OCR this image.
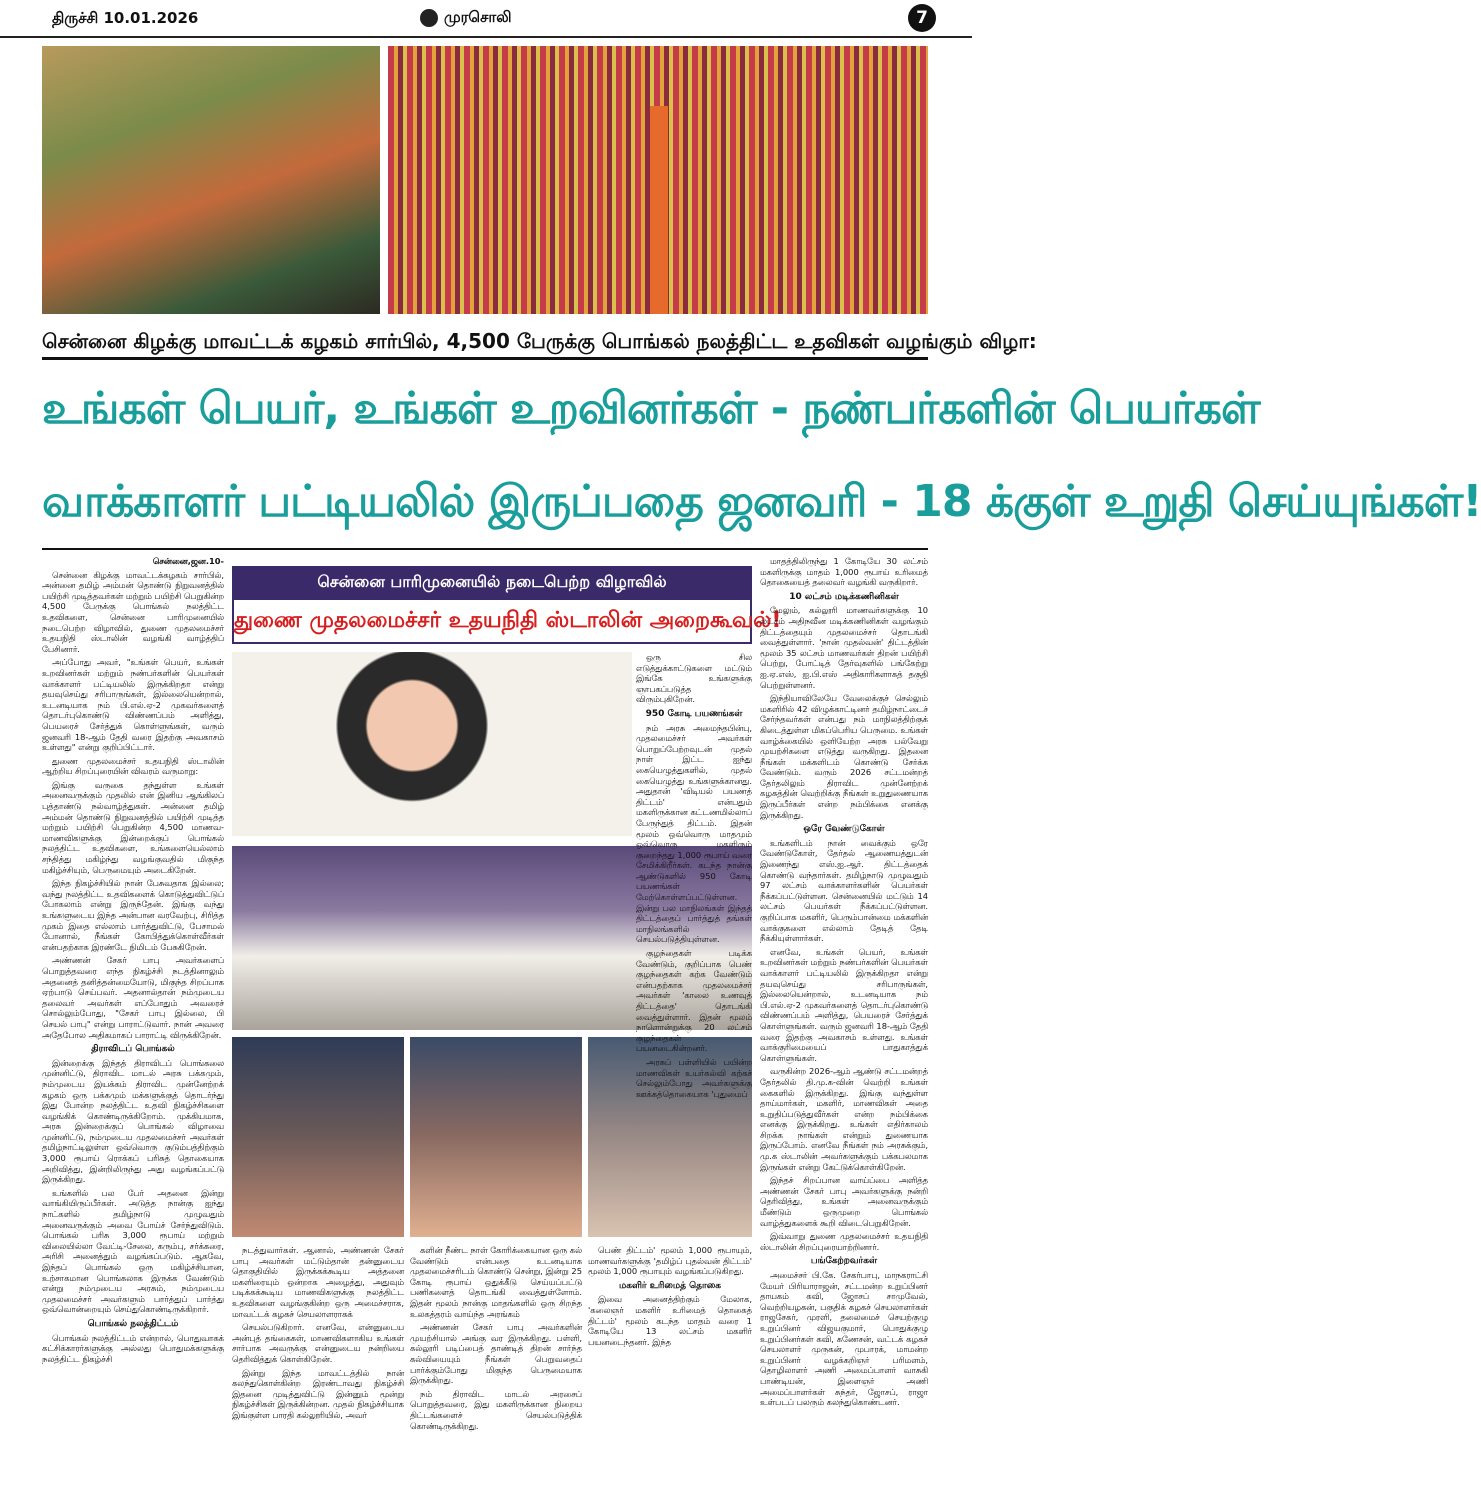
திருச்சி 10.01.2026	முரசொலி	7
சென்னை கிழக்கு மாவட்டக் கழகம் சார்பில், 4,500 பேருக்கு பொங்கல் நலத்திட்ட உதவிகள் வழங்கும் விழா:
உங்கள் பெயர், உங்கள் உறவினர்கள் - நண்பர்களின் பெயர்கள்
வாக்காளர் பட்டியலில் இருப்பதை ஜனவரி - 18 க்குள் உறுதி செய்யுங்கள்!
சென்னை பாரிமுனையில் நடைபெற்ற விழாவில்
துணை முதலமைச்சர் உதயநிதி ஸ்டாலின் அறைகூவல்!

சென்னை,ஜன.10-

சென்னை கிழக்கு மாவட்டக்கழகம் சார்பில், அன்னை தமிழ் அம்மன் தொண்டு நிறுவனத்தில் பயிற்சி முடித்தவர்கள் மற்றும் பயிற்சி பெறுகின்ற 4,500 பேருக்கு பொங்கல் நலத்திட்ட உதவிகளை, சென்னை பாரிமுனையில் நடைபெற்ற விழாவில், துணை முதலமைச்சர் உதயநிதி ஸ்டாலின் வழங்கி வாழ்த்திப் பேசினார்.

அப்போது அவர், "உங்கள் பெயர், உங்கள் உறவினர்கள் மற்றும் நண்பர்களின் பெயர்கள் வாக்காளர் பட்டியலில் இருக்கிறதா என்று தயவுசெய்து சரிபாருங்கள், இல்லையென்றால், உடனடியாக நம் பி.எல்.ஏ-2 முகவர்களைத் தொடர்புகொண்டு விண்ணப்பம் அளித்து, பெயரைச் சேர்த்துக் கொள்ளுங்கள், வரும் ஜனவரி 18-ஆம் தேதி வரை இதற்கு அவகாசம் உள்ளது" என்று குறிப்பிட்டார்.

துணை முதலமைச்சர் உதயநிதி ஸ்டாலின் ஆற்றிய சிறப்புரையின் விவரம் வருமாறு:

இங்கு வருகை தந்துள்ள உங்கள் அனைவருக்கும் முதலில் என் இனிய ஆங்கிலப் புத்தாண்டு நல்வாழ்த்துகள். அன்னை தமிழ் அம்மன் தொண்டு நிறுவனத்தில் பயிற்சி முடித்த மற்றும் பயிற்சி பெறுகின்ற 4,500 மாணவ-மாணவிகளுக்கு இன்றைக்குப் பொங்கல் நலத்திட்ட உதவிகளை, உங்களையெல்லாம் சந்தித்து மகிழ்ந்து வழங்குவதில் மிகுந்த மகிழ்ச்சியும், பெருமையும் அடைகிறேன்.

இந்த நிகழ்ச்சியில் நான் பேசுவதாக இல்லை; வந்து நலத்திட்ட உதவிகளைக் கொடுத்துவிட்டுப் போகலாம் என்று இருந்தேன். இங்கு வந்து உங்களுடைய இந்த அன்பான வரவேற்பு, சிரித்த முகம் இதை எல்லாம் பார்த்துவிட்டு, பேசாமல் போனால், நீங்கள் கோபித்துக்கொள்வீர்கள் என்பதற்காக இரண்டே நிமிடம் பேசுகிறேன்.

அண்ணன் சேகர் பாபு அவர்களைப் பொறுத்தவரை எந்த நிகழ்ச்சி நடத்தினாலும் அதனைத் தனித்தன்மையோடு, மிகுந்த சிறப்பாக ஏற்பாடு செய்பவர். அதனால்தான் நம்முடைய தலைவர் அவர்கள் எப்போதும் அவரைச் சொல்லும்போது, "சேகர் பாபு இல்லை, பி செயல் பாபு" என்று பாராட்டுவார். நான் அவரை அதேபோல அதிகமாகப் பாராட்டி விருக்கிறேன்.

திராவிடப் பொங்கல்

இன்றைக்கு இந்தத் திராவிடப் பொங்கலை முன்னிட்டு, திராவிட மாடல் அரசு பக்கமும், நம்முடைய இயக்கம் திராவிட முன்னேற்றக் கழகம் ஒரு பக்கமும் மக்களுக்குத் தொடர்ந்து இது போன்ற நலத்திட்ட உதவி நிகழ்ச்சிகளை வழங்கிக் கொண்டிருக்கிறோம். முக்கியமாக, அரசு இன்றைக்குப் பொங்கல் விழாவை முன்னிட்டு, நம்முடைய முதலமைச்சர் அவர்கள் தமிழ்நாட்டிலுள்ள ஒவ்வொரு குடும்பத்திற்கும் 3,000 ரூபாய் ரொக்கப் பரிசுத் தொகையாக அறிவித்து, இன்றிலிருந்து அது வழங்கப்பட்டு இருக்கிறது.

உங்களில் பல பேர் அதனை இன்று வாங்கியிருப்பீர்கள். அடுத்த நான்கு ஐந்து நாட்களில் தமிழ்நாடு முழுவதும் அனைவருக்கும் அவை போய்ச் சேர்ந்துவிடும். பொங்கல் பரிசு 3,000 ரூபாய் மற்றும் விலையில்லா வேட்டி-சேலை, கரும்பு, சர்க்கரை, அரிசி அனைத்தும் வழங்கப்படும். ஆகவே, இந்தப் பொங்கல் ஒரு மகிழ்ச்சியான, உற்சாகமான பொங்கலாக இருக்க வேண்டும் என்று நம்முடைய அரசும், நம்முடைய முதலமைச்சர் அவர்களும் பார்த்துப் பார்த்து ஒவ்வொன்றையும் செய்துகொண்டிருக்கிறார்.

பொங்கல் நலத்திட்டம்

பொங்கல் நலத்திட்டம் என்றால், பொதுவாகக் கட்சிக்காரர்களுக்கு அல்லது பொதுமக்களுக்கு நலத்திட்ட நிகழ்ச்சி

ஒரு சில எடுத்துக்காட்டுகளை மட்டும் இங்கே உங்களுக்கு ஞாபகப்படுத்த விரும்புகிறேன்.

950 கோடி பயணங்கள்

நம் அரசு அமைந்தபின்பு, முதலமைச்சர் அவர்கள் பொறுப்பேற்றவுடன் முதல் நாள் இட்ட ஐந்து கையெழுத்துகளில், முதல் கையெழுத்து உங்களுக்கானது. அதுதான் 'விடியல் பயணத் திட்டம்' என்பதும் மகளிருக்கான கட்டணமில்லாப் பேருந்துத் திட்டம். இதன் மூலம் ஒவ்வொரு மாதமும் ஒவ்வொரு மகளிரும் குறைந்தது 1,000 ரூபாய் வரை சேமிக்கிறீர்கள். கடந்த நான்கு ஆண்டுகளில் 950 கோடி பயணங்கள் மேற்கொள்ளப்பட்டுள்ளன. இன்று பல மாநிலங்கள் இந்தத் திட்டத்தைப் பார்த்துத் தங்கள் மாநிலங்களில் செயல்படுத்தியுள்ளன.

குழந்தைகள் படிக்க வேண்டும், குறிப்பாக பெண் குழந்தைகள் கற்க வேண்டும் என்பதற்காக முதலமைச்சர் அவர்கள் 'காலை உணவுத் திட்டத்தை' தொடங்கி வைத்துள்ளார். இதன் மூலம் நாளொன்றுக்கு 20 லட்சம் குழந்தைகள் பயனடைகின்றனர்.

அரசுப் பள்ளியில் பயின்ற மாணவிகள் உயர்கல்வி கற்கச் செல்லும்போது அவர்களுக்கு ஊக்கத்தொகையாக 'புதுமைப்

நடத்துவார்கள். ஆனால், அண்ணன் சேகர் பாபு அவர்கள் மட்டும்தான் தன்னுடைய தொகுதியில் இருக்கக்கூடிய அத்தனை மகளிரையும் ஒன்றாக அழைத்து, அதுவும் படிக்கக்கூடிய மாணவிகளுக்கு நலத்திட்ட உதவிகளை வழங்குகின்ற ஒரு அமைச்சராக, மாவட்டக் கழகச் செயலாளராகக்

செயல்படுகிறார். எனவே, என்னுடைய அன்புத் தங்கைகள், மாணவிகளாகிய உங்கள் சார்பாக அவருக்கு என்னுடைய நன்றியை தெரிவித்துக் கொள்கிறேன்.

இன்று இந்த மாவட்டத்தில் நான் கலந்துகொள்கின்ற இரண்டாவது நிகழ்ச்சி இதனை முடித்துவிட்டு இன்னும் மூன்று நிகழ்ச்சிகள் இருக்கின்றன. முதல் நிகழ்ச்சியாக இங்குள்ள பாரதி கல்லூரியில், அவர்

களின் நீண்ட நாள் கோரிக்கையான ஒரு கல் வேண்டும் என்பதை உடனடியாக முதலமைச்சரிடம் கொண்டு சென்று, இன்று 25 கோடி ரூபாய் ஒதுக்கீடு செய்யப்பட்டு பணிகளைத் தொடங்கி வைத்துள்ளோம். இதன் மூலம் நான்கு மாதங்களில் ஒரு சிறந்த உலகத்தரம் வாய்ந்த அரங்கம்

அண்ணன் சேகர் பாபு அவர்களின் முயற்சியால் அங்கு வர இருக்கிறது. பள்ளி, கல்லூரி படிப்பைத் தாண்டித் திறன் சார்ந்த கல்வியையும் நீங்கள் பெறுவதைப் பார்க்கும்போது மிகுந்த பெருமையாக இருக்கிறது.

நம் திராவிட மாடல் அரசைப் பொறுத்தவரை, இது மகளிருக்கான நிறைய திட்டங்களைச் செயல்படுத்திக் கொண்டிருக்கிறது.

பெண் திட்டம்' மூலம் 1,000 ரூபாயும், மாணவர்களுக்கு 'தமிழ்ப் புதல்வன் திட்டம்' மூலம் 1,000 ரூபாயும் வழங்கப்படுகிறது.

மகளிர் உரிமைத் தொகை

இவை அனைத்திற்கும் மேலாக, 'கலைஞர் மகளிர் உரிமைத் தொகைத் திட்டம்' மூலம் கடந்த மாதம் வரை 1 கோடியே 13 லட்சம் மகளிர் பயனடைந்தனர். இந்த

மாதத்திலிருந்து 1 கோடியே 30 லட்சம் மகளிருக்கு மாதம் 1,000 ரூபாய் உரிமைத் தொகையைத் தலைவர் வழங்கி வருகிறார்.

10 லட்சம் மடிக்கணினிகள்

மேலும், கல்லூரி மாணவர்களுக்கு 10 லட்சம் அதிநவீன மடிக்கணினிகள் வழங்கும் திட்டத்தையும் முதலமைச்சர் தொடங்கி வைத்துள்ளார். 'நான் முதல்வன்' திட்டத்தின் மூலம் 35 லட்சம் மாணவர்கள் திறன் பயிற்சி பெற்று, போட்டித் தேர்வுகளில் பங்கேற்று ஐ.ஏ.எஸ், ஐ.பி.எஸ் அதிகாரிகளாகத் தகுதி பெற்றுள்ளனர்.

இந்தியாவிலேயே வேலைக்குச் செல்லும் மகளிரில் 42 விழுக்காட்டினர் தமிழ்நாட்டைச் சேர்ந்தவர்கள் என்பது நம் மாநிலத்திற்குக் கிடைத்துள்ள மிகப்பெரிய பெருமை. உங்கள் வாழ்க்கையில் ஒளியேற்ற அரசு பல்வேறு முயற்சிகளை எடுத்து வருகிறது. இதனை நீங்கள் மக்களிடம் கொண்டு சேர்க்க வேண்டும். வரும் 2026 சட்டமன்றத் தேர்தலிலும் திராவிட முன்னேற்றக் கழகத்தின் வெற்றிக்கு நீங்கள் உறுதுணையாக இருப்பீர்கள் என்ற நம்பிக்கை எனக்கு இருக்கிறது.

ஒரே வேண்டுகோள்

உங்களிடம் நான் வைக்கும் ஒரே வேண்டுகோள், தேர்தல் ஆணையத்துடன் இணைந்து எஸ்.ஐ.ஆர். திட்டத்தைக் கொண்டு வந்தார்கள். தமிழ்நாடு முழுவதும் 97 லட்சம் வாக்காளர்களின் பெயர்கள் நீக்கப்பட்டுள்ளன. சென்னையில் மட்டும் 14 லட்சம் பெயர்கள் நீக்கப்பட்டுள்ளன. குறிப்பாக மகளிர், பெரும்பான்மை மக்களின் வாக்குகளை எல்லாம் தேடித் தேடி நீக்கியுள்ளார்கள்.

எனவே, உங்கள் பெயர், உங்கள் உறவினர்கள் மற்றும் நண்பர்களின் பெயர்கள் வாக்காளர் பட்டியலில் இருக்கிறதா என்று தயவுசெய்து சரிபாருங்கள், இல்லையென்றால், உடனடியாக நம் பி.எல்.ஏ-2 முகவர்களைத் தொடர்புகொண்டு விண்ணப்பம் அளித்து, பெயரைச் சேர்த்துக் கொள்ளுங்கள். வரும் ஜனவரி 18-ஆம் தேதி வரை இதற்கு அவகாசம் உள்ளது. உங்கள் வாக்குரிமையைப் பாதுகாத்துக் கொள்ளுங்கள்.

வருகின்ற 2026-ஆம் ஆண்டு சட்டமன்றத் தேர்தலில் தி.மு.க-வின் வெற்றி உங்கள் கைகளில் இருக்கிறது. இங்கு வந்துள்ள தாய்மார்கள், மகளிர், மாணவிகள் அதை உறுதிப்படுத்துவீர்கள் என்ற நம்பிக்கை எனக்கு இருக்கிறது. உங்கள் எதிர்காலம் சிறக்க நாங்கள் என்றும் துணையாக இருப்போம். எனவே நீங்கள் நம் அரசுக்கும், மு.க ஸ்டாலின் அவர்களுக்கும் பக்கபலமாக இருங்கள் என்று கேட்டுக்கொள்கிறேன்.

இந்தச் சிறப்பான வாய்ப்பை அளித்த அண்ணன் சேகர் பாபு அவர்களுக்கு நன்றி தெரிவித்து, உங்கள் அனைவருக்கும் மீண்டும் ஒருமுறை பொங்கல் வாழ்த்துகளைக் கூறி விடைபெறுகிறேன்.

இவ்வாறு துணை முதலமைச்சர் உதயநிதி ஸ்டாலின் சிறப்புரையாற்றினார்.

பங்கேற்றவர்கள்

அமைச்சர் பி.கே. சேகர்பாபு, மாநகராட்சி மேயர் பிரியாராஜன், சட்டமன்ற உறுப்பினர் தாயகம் கவி, ஜோசப் சாமுவேல், வெற்றியழகன், பகுதிக் கழகச் செயலாளர்கள் ராஜசேகர், முரளி, தலைமைச் செயற்குழு உறுப்பினர் விஜயகுமார், பொதுக்குழு உறுப்பினர்கள் கவி, கணேசன், வட்டக் கழகச் செயலாளர் முருகன், முபாரக், மாமன்ற உறுப்பினர் வழக்கறிஞர் பரிமளம், தொழிலாளர் அணி அமைப்பாளர் வாசுகி பாண்டியன், இளைஞர் அணி அமைப்பாளர்கள் சுந்தர், ஜோசப், ராஜா உள்படப் பலரும் கலந்துகொண்டனர்.
